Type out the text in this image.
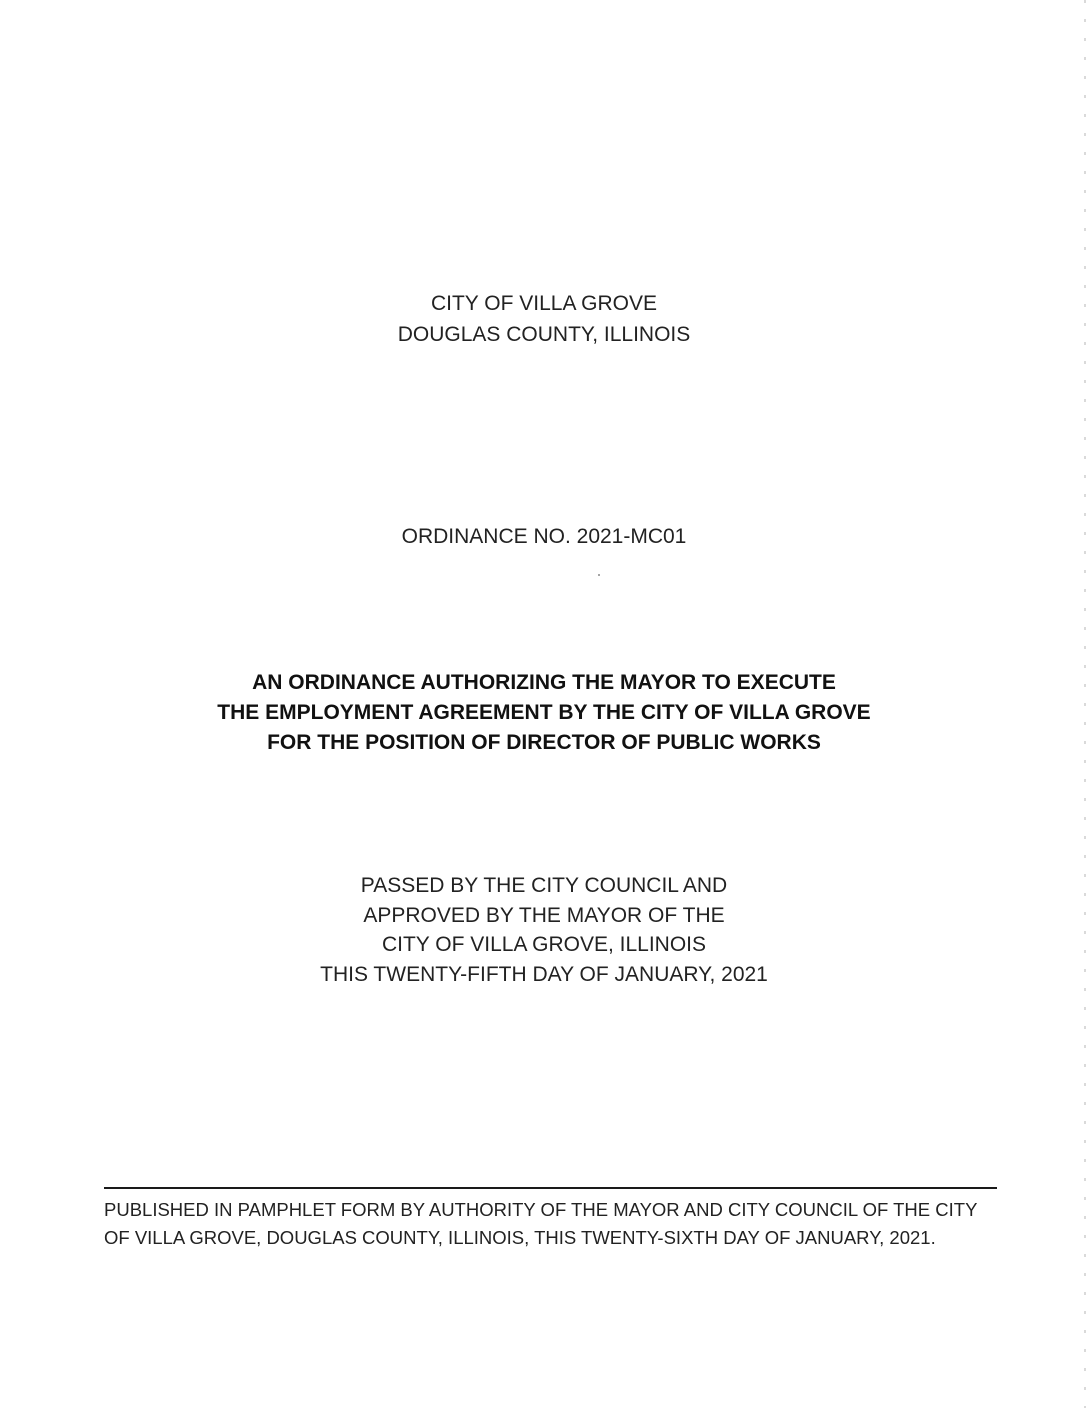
CITY OF VILLA GROVE
DOUGLAS COUNTY, ILLINOIS
ORDINANCE NO. 2021-MC01
AN ORDINANCE AUTHORIZING THE MAYOR TO EXECUTE
THE EMPLOYMENT AGREEMENT BY THE CITY OF VILLA GROVE
FOR THE POSITION OF DIRECTOR OF PUBLIC WORKS
PASSED BY THE CITY COUNCIL AND
APPROVED BY THE MAYOR OF THE
CITY OF VILLA GROVE, ILLINOIS
THIS TWENTY-FIFTH DAY OF JANUARY, 2021
PUBLISHED IN PAMPHLET FORM BY AUTHORITY OF THE MAYOR AND CITY COUNCIL OF THE CITY
OF VILLA GROVE, DOUGLAS COUNTY, ILLINOIS, THIS TWENTY-SIXTH DAY OF JANUARY, 2021.
